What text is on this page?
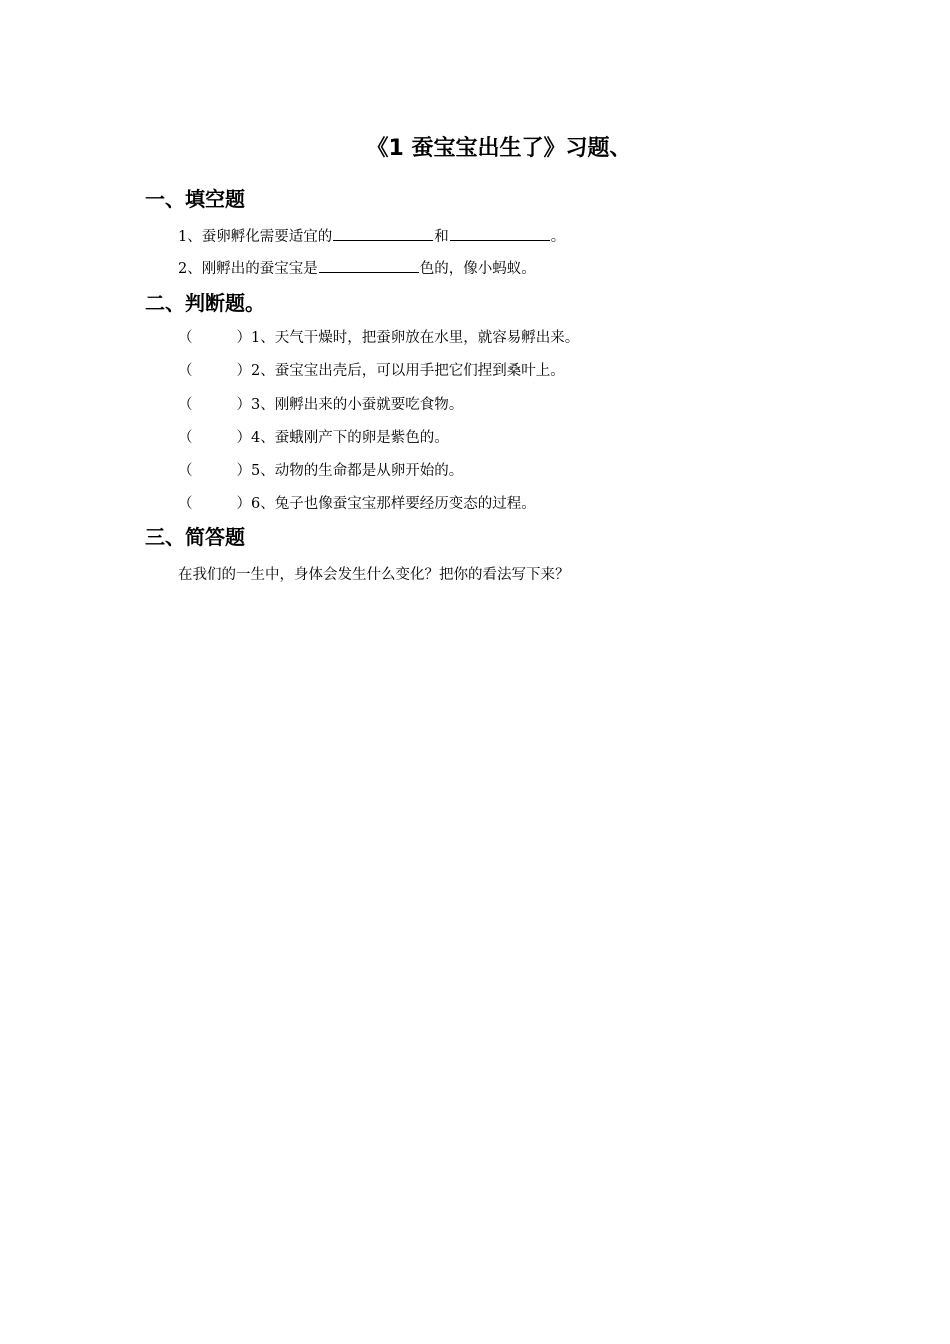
《1 蚕宝宝出生了》习题、
一、填空题
1、蚕卵孵化需要适宜的	和	。
2、刚孵出的蚕宝宝是	色的，像小蚂蚁。
二、判断题。
（	）1、天气干燥时，把蚕卵放在水里，就容易孵出来。
（	）2、蚕宝宝出壳后，可以用手把它们捏到桑叶上。
（	）3、刚孵出来的小蚕就要吃食物。
（	）4、蚕蛾刚产下的卵是紫色的。
（	）5、动物的生命都是从卵开始的。
（	）6、兔子也像蚕宝宝那样要经历变态的过程。
三、简答题
在我们的一生中，身体会发生什么变化？把你的看法写下来？
